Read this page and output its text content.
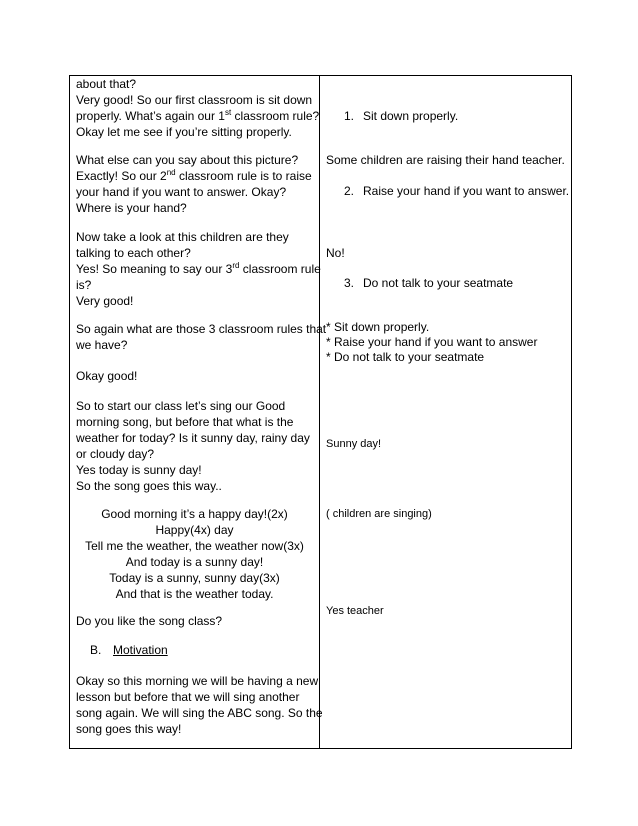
about that?
Very good! So our first classroom is sit down
properly. What’s again our 1st classroom rule?
Okay let me see if you’re sitting properly.
What else can you say about this picture?
Exactly! So our 2nd classroom rule is to raise
your hand if you want to answer. Okay?
Where is your hand?
Now take a look at this children are they
talking to each other?
Yes! So meaning to say our 3rd classroom rule
is?
Very good!
So again what are those 3 classroom rules that
we have?
Okay good!
So to start our class let’s sing our Good
morning song, but before that what is the
weather for today? Is it sunny day, rainy day
or cloudy day?
Yes today is sunny day!
So the song goes this way..
Good morning it’s a happy day!(2x)
Happy(4x) day
Tell me the weather, the weather now(3x)
And today is a sunny day!
Today is a sunny, sunny day(3x)
And that is the weather today.
Do you like the song class?
B. Motivation
Okay so this morning we will be having a new
lesson but before that we will sing another
song again. We will sing the ABC song. So the
song goes this way!
1. Sit down properly.
Some children are raising their hand teacher.
2. Raise your hand if you want to answer.
No!
3. Do not talk to your seatmate
* Sit down properly.
* Raise your hand if you want to answer
* Do not talk to your seatmate
Sunny day!
( children are singing)
Yes teacher
